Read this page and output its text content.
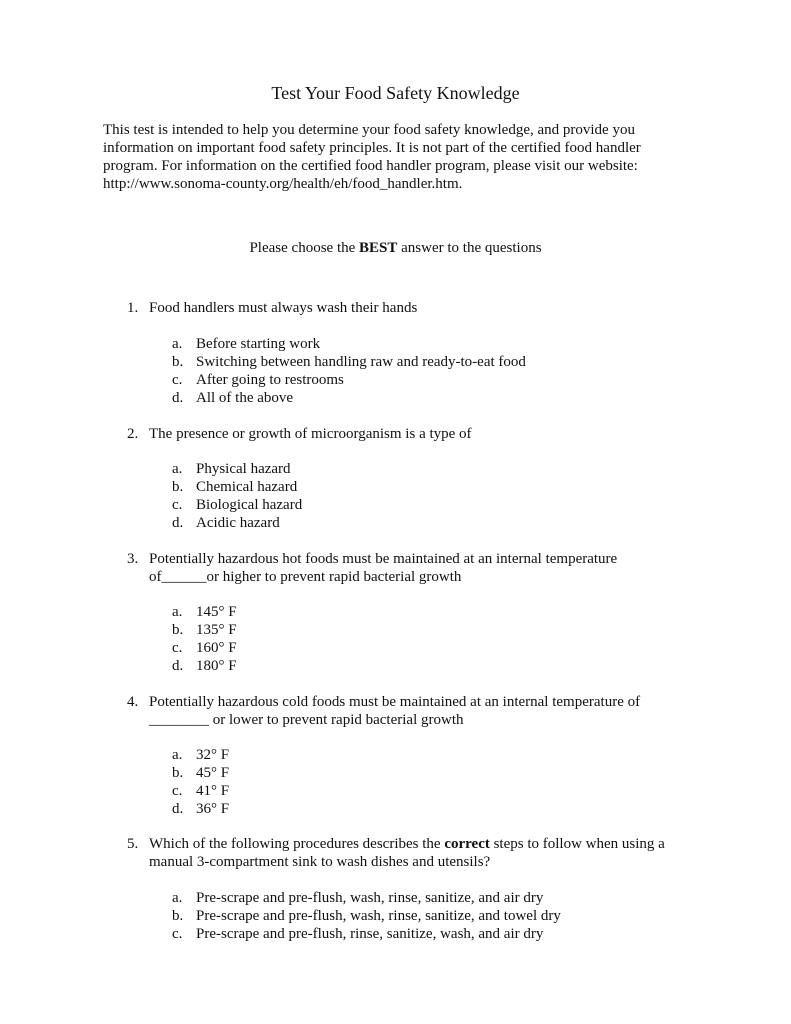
Test Your Food Safety Knowledge
This test is intended to help you determine your food safety knowledge, and provide you
information on important food safety principles. It is not part of the certified food handler
program. For information on the certified food handler program, please visit our website:
http://www.sonoma-county.org/health/eh/food_handler.htm.
Please choose the BEST answer to the questions
1. Food handlers must always wash their hands
a. Before starting work
b. Switching between handling raw and ready-to-eat food
c. After going to restrooms
d. All of the above
2. The presence or growth of microorganism is a type of
a. Physical hazard
b. Chemical hazard
c. Biological hazard
d. Acidic hazard
3. Potentially hazardous hot foods must be maintained at an internal temperature
of______or higher to prevent rapid bacterial growth
a. 145° F
b. 135° F
c. 160° F
d. 180° F
4. Potentially hazardous cold foods must be maintained at an internal temperature of
________ or lower to prevent rapid bacterial growth
a. 32° F
b. 45° F
c. 41° F
d. 36° F
5. Which of the following procedures describes the correct steps to follow when using a
manual 3-compartment sink to wash dishes and utensils?
a. Pre-scrape and pre-flush, wash, rinse, sanitize, and air dry
b. Pre-scrape and pre-flush, wash, rinse, sanitize, and towel dry
c. Pre-scrape and pre-flush, rinse, sanitize, wash, and air dry
